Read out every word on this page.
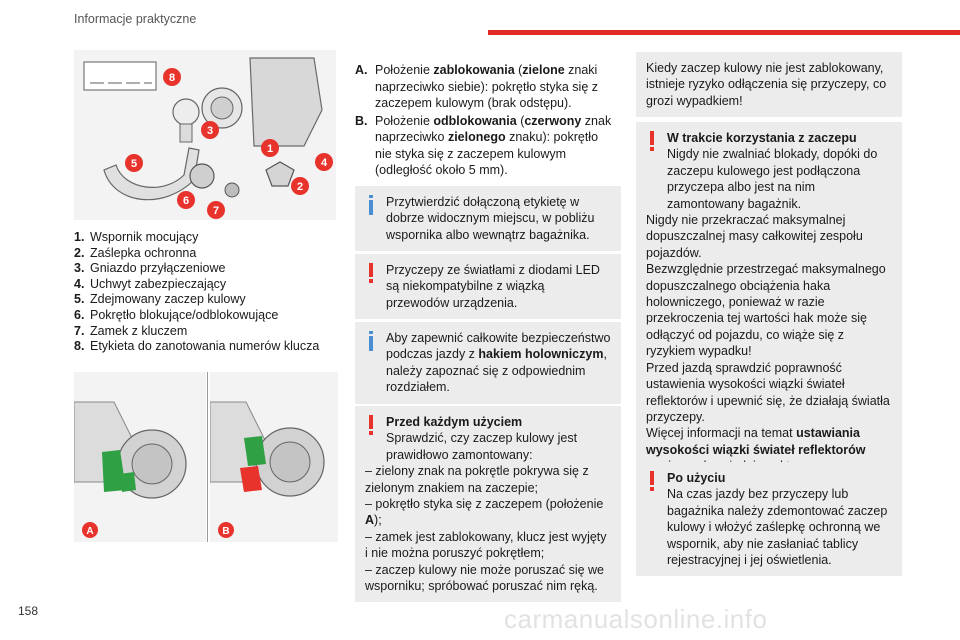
Informacje praktyczne
8
3
1
4
5
2
6
7
1. Wspornik mocujący
2. Zaślepka ochronna
3. Gniazdo przyłączeniowe
4. Uchwyt zabezpieczający
5. Zdejmowany zaczep kulowy
6. Pokrętło blokujące/odblokowujące
7. Zamek z kluczem
8. Etykieta do zanotowania numerów klucza
A	B
A. Położenie zablokowania (zielone znaki naprzeciwko siebie): pokrętło styka się z zaczepem kulowym (brak odstępu).
B. Położenie odblokowania (czerwony znak naprzeciwko zielonego znaku): pokrętło nie styka się z zaczepem kulowym (odległość około 5 mm).
Przytwierdzić dołączoną etykietę w dobrze widocznym miejscu, w pobliżu wspornika albo wewnątrz bagażnika.
Przyczepy ze światłami z diodami LED są niekompatybilne z wiązką przewodów urządzenia.
Aby zapewnić całkowite bezpieczeństwo podczas jazdy z hakiem holowniczym, należy zapoznać się z odpowiednim rozdziałem.
Przed każdym użyciem
Sprawdzić, czy zaczep kulowy jest prawidłowo zamontowany:
– zielony znak na pokrętle pokrywa się z zielonym znakiem na zaczepie;
– pokrętło styka się z zaczepem (położenie A);
– zamek jest zablokowany, klucz jest wyjęty i nie można poruszyć pokrętłem;
– zaczep kulowy nie może poruszać się we wsporniku; spróbować poruszać nim ręką.
Kiedy zaczep kulowy nie jest zablokowany, istnieje ryzyko odłączenia się przyczepy, co grozi wypadkiem!
W trakcie korzystania z zaczepu
Nigdy nie zwalniać blokady, dopóki do zaczepu kulowego jest podłączona przyczepa albo jest na nim zamontowany bagażnik.
Nigdy nie przekraczać maksymalnej dopuszczalnej masy całkowitej zespołu pojazdów.
Bezwzględnie przestrzegać maksymalnego dopuszczalnego obciążenia haka holowniczego, ponieważ w razie przekroczenia tej wartości hak może się odłączyć od pojazdu, co wiąże się z ryzykiem wypadku!
Przed jazdą sprawdzić poprawność ustawienia wysokości wiązki świateł reflektorów i upewnić się, że działają światła przyczepy.
Więcej informacji na temat ustawiania wysokości wiązki świateł reflektorów
Po użyciu
Na czas jazdy bez przyczepy lub bagażnika należy zdemontować zaczep kulowy i włożyć zaślepkę ochronną we wspornik, aby nie zasłaniać tablicy rejestracyjnej i jej oświetlenia.
158	carmanualsonline.info
